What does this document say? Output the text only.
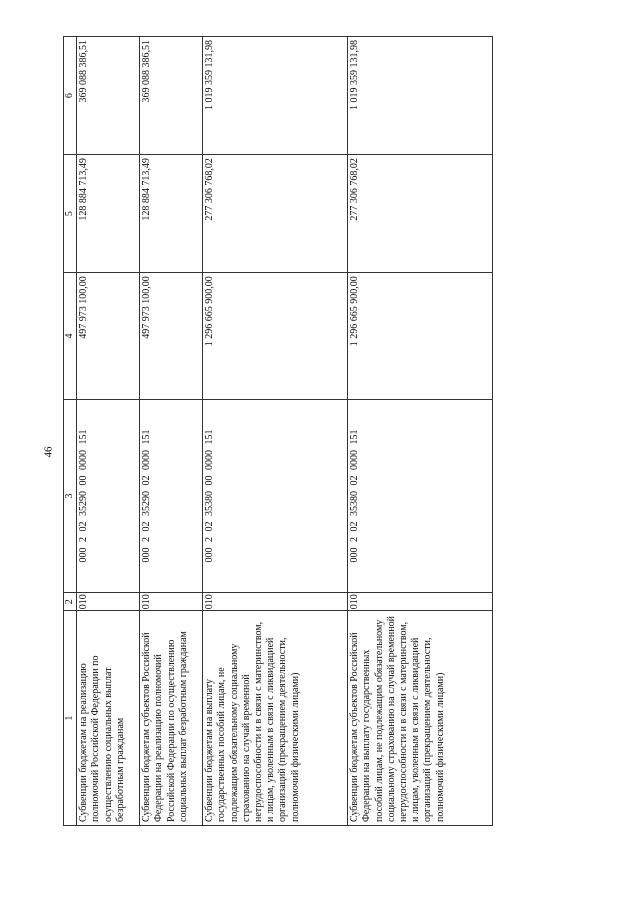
46
1	2	3	4	5	6
Субвенции бюджетам на реализацию полномочий Российской Федерации по осуществлению социальных выплат безработным гражданам	010	000 2 02 35290 00 0000 151	497 973 100,00	128 884 713,49	369 088 386,51
Субвенции бюджетам субъектов Российской Федерации на реализацию полномочий Российской Федерации по осуществлению социальных выплат безработным гражданам	010	000 2 02 35290 02 0000 151	497 973 100,00	128 884 713,49	369 088 386,51
Субвенции бюджетам на выплату государственных пособий лицам, не подлежащим обязательному социальному страхованию на случай временной нетрудоспособности и в связи с материнством, и лицам, уволенным в связи с ликвидацией организаций (прекращением деятельности, полномочий физическими лицами)	010	000 2 02 35380 00 0000 151	1 296 665 900,00	277 306 768,02	1 019 359 131,98
Субвенции бюджетам субъектов Российской Федерации на выплату государственных пособий лицам, не подлежащим обязательному социальному страхованию на случай временной нетрудоспособности и в связи с материнством, и лицам, уволенным в связи с ликвидацией организаций (прекращением деятельности, полномочий физическими лицами)	010	000 2 02 35380 02 0000 151	1 296 665 900,00	277 306 768,02	1 019 359 131,98
